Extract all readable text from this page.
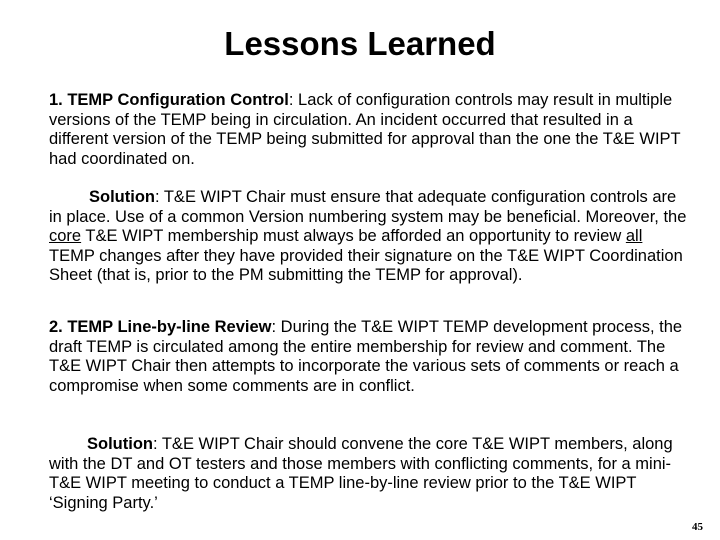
Lessons Learned

1. TEMP Configuration Control: Lack of configuration controls may result in multiple versions of the TEMP being in circulation. An incident occurred that resulted in a different version of the TEMP being submitted for approval than the one the T&E WIPT had coordinated on.

Solution: T&E WIPT Chair must ensure that adequate configuration controls are in place. Use of a common Version numbering system may be beneficial. Moreover, the core T&E WIPT membership must always be afforded an opportunity to review all TEMP changes after they have provided their signature on the T&E WIPT Coordination Sheet (that is, prior to the PM submitting the TEMP for approval).

2. TEMP Line-by-line Review: During the T&E WIPT TEMP development process, the draft TEMP is circulated among the entire membership for review and comment. The T&E WIPT Chair then attempts to incorporate the various sets of comments or reach a compromise when some comments are in conflict.

Solution: T&E WIPT Chair should convene the core T&E WIPT members, along with the DT and OT testers and those members with conflicting comments, for a mini-T&E WIPT meeting to conduct a TEMP line-by-line review prior to the T&E WIPT ‘Signing Party.’

45
